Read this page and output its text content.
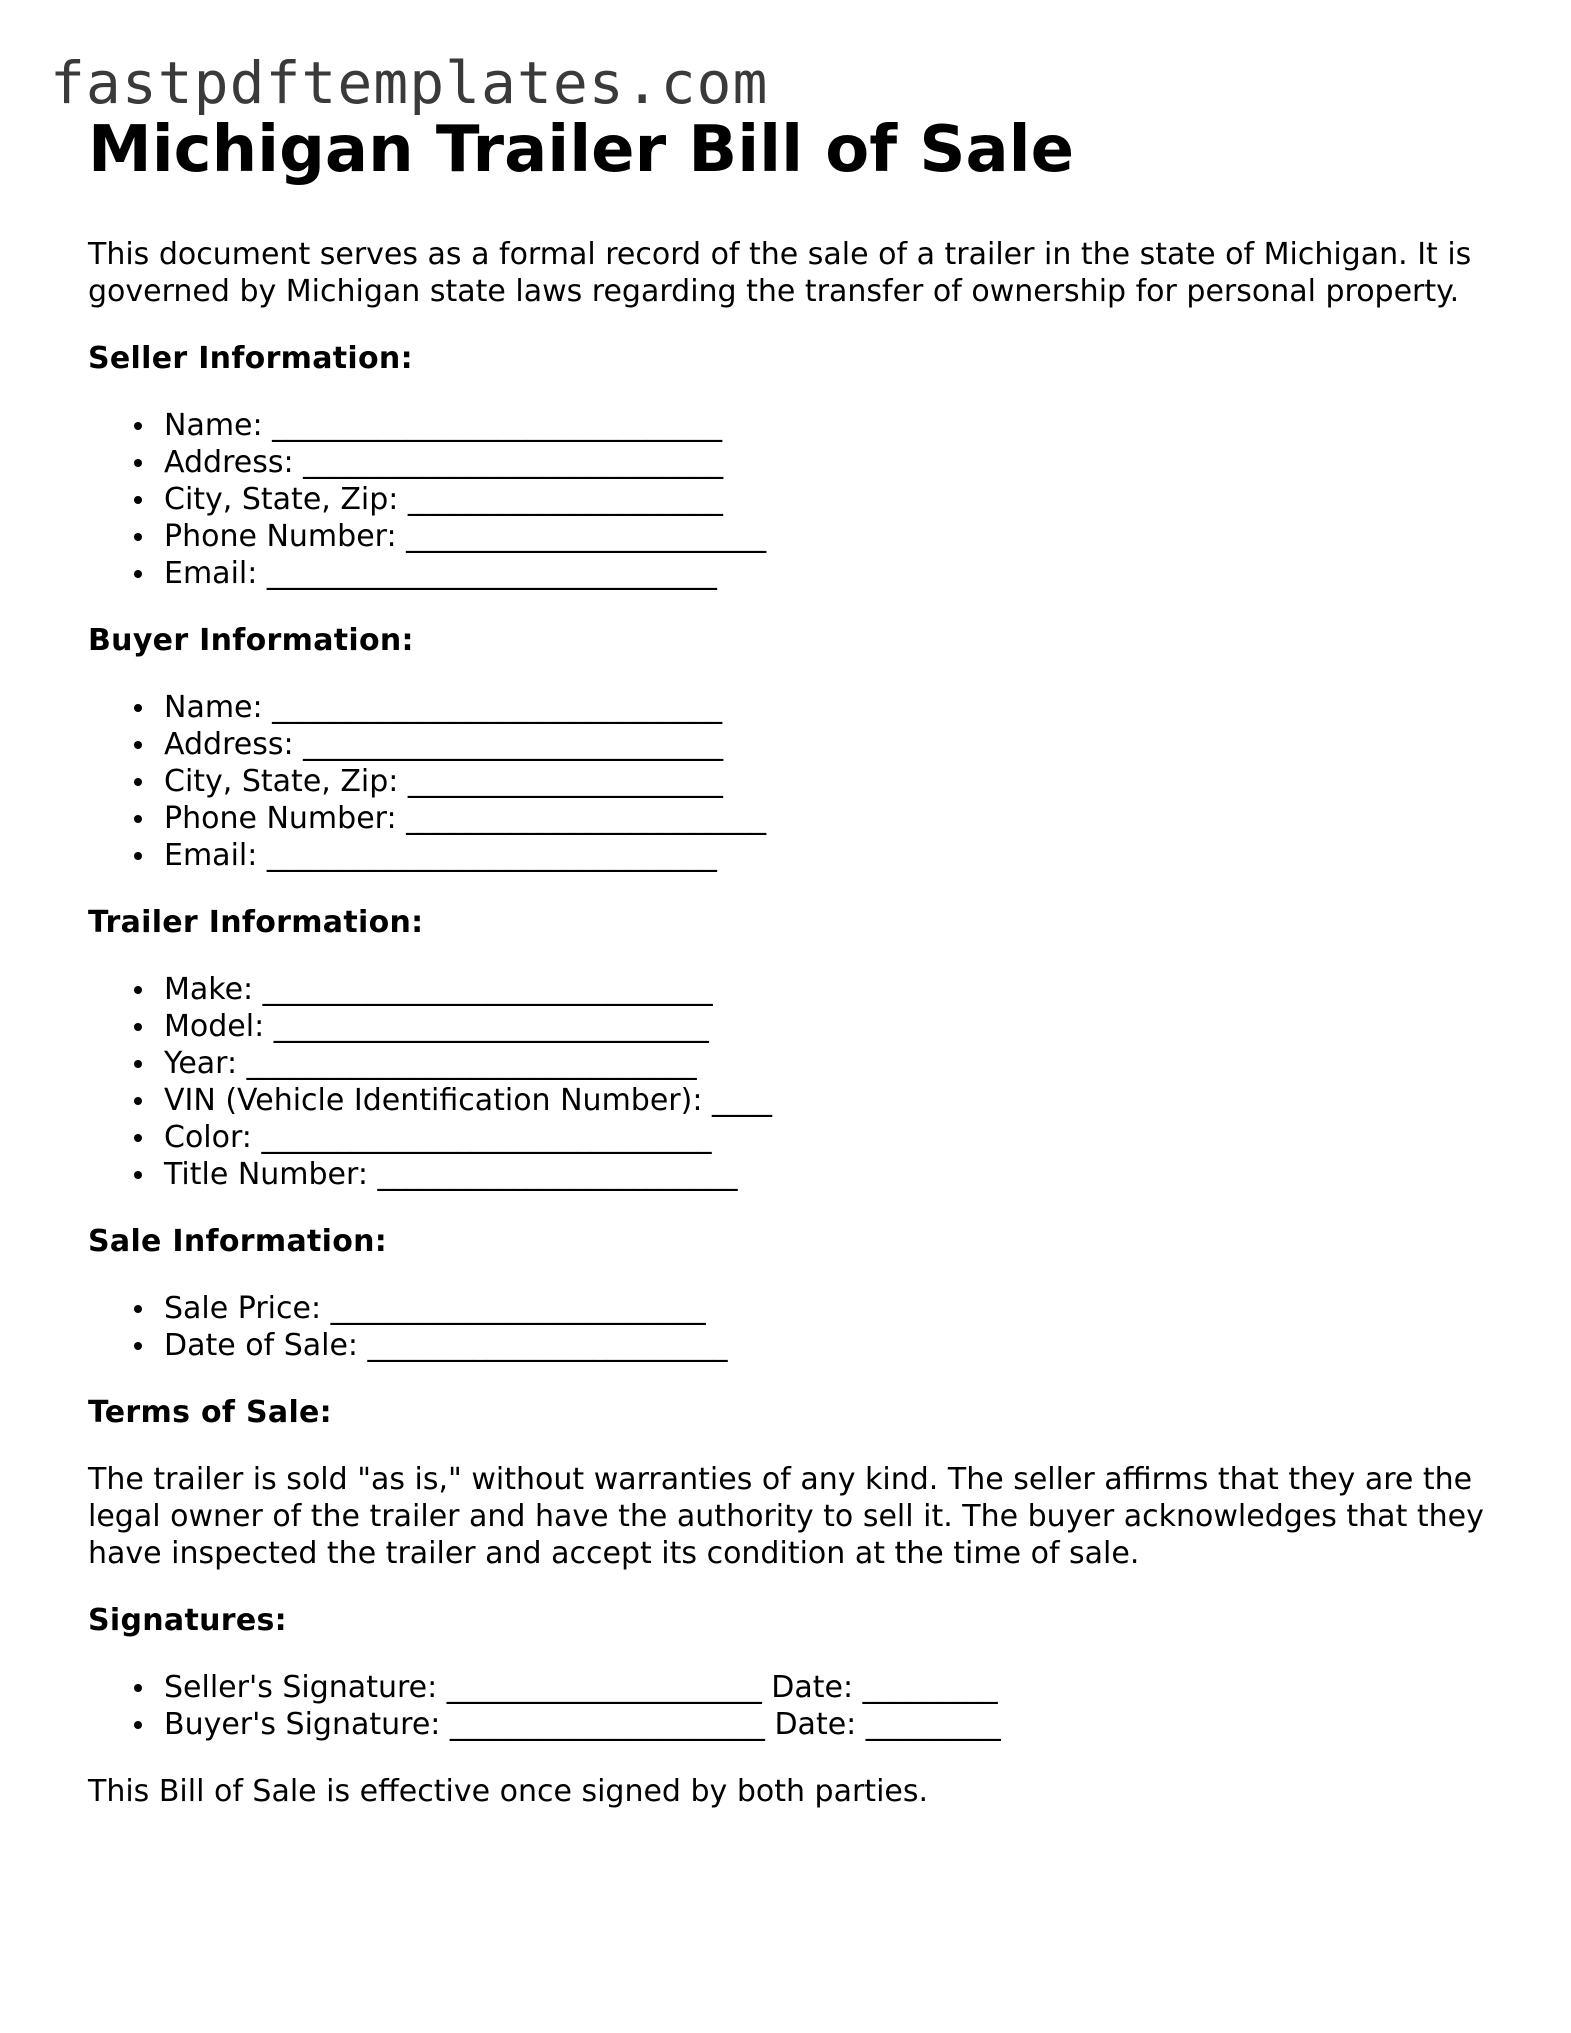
fastpdftemplates.com
Michigan Trailer Bill of Sale

This document serves as a formal record of the sale of a trailer in the state of Michigan. It is governed by Michigan state laws regarding the transfer of ownership for personal property.

Seller Information:
Name: ______________________________
Address: ____________________________
City, State, Zip: _____________________
Phone Number: ________________________
Email: ______________________________
Buyer Information:
Name: ______________________________
Address: ____________________________
City, State, Zip: _____________________
Phone Number: ________________________
Email: ______________________________
Trailer Information:
Make: ______________________________
Model: _____________________________
Year: ______________________________
VIN (Vehicle Identification Number): ____
Color: ______________________________
Title Number: ________________________
Sale Information:
Sale Price: _________________________
Date of Sale: ________________________
Terms of Sale:

The trailer is sold "as is," without warranties of any kind. The seller affirms that they are the legal owner of the trailer and have the authority to sell it. The buyer acknowledges that they have inspected the trailer and accept its condition at the time of sale.

Signatures:
Seller's Signature: _____________________ Date: _________
Buyer's Signature: _____________________ Date: _________

This Bill of Sale is effective once signed by both parties.
